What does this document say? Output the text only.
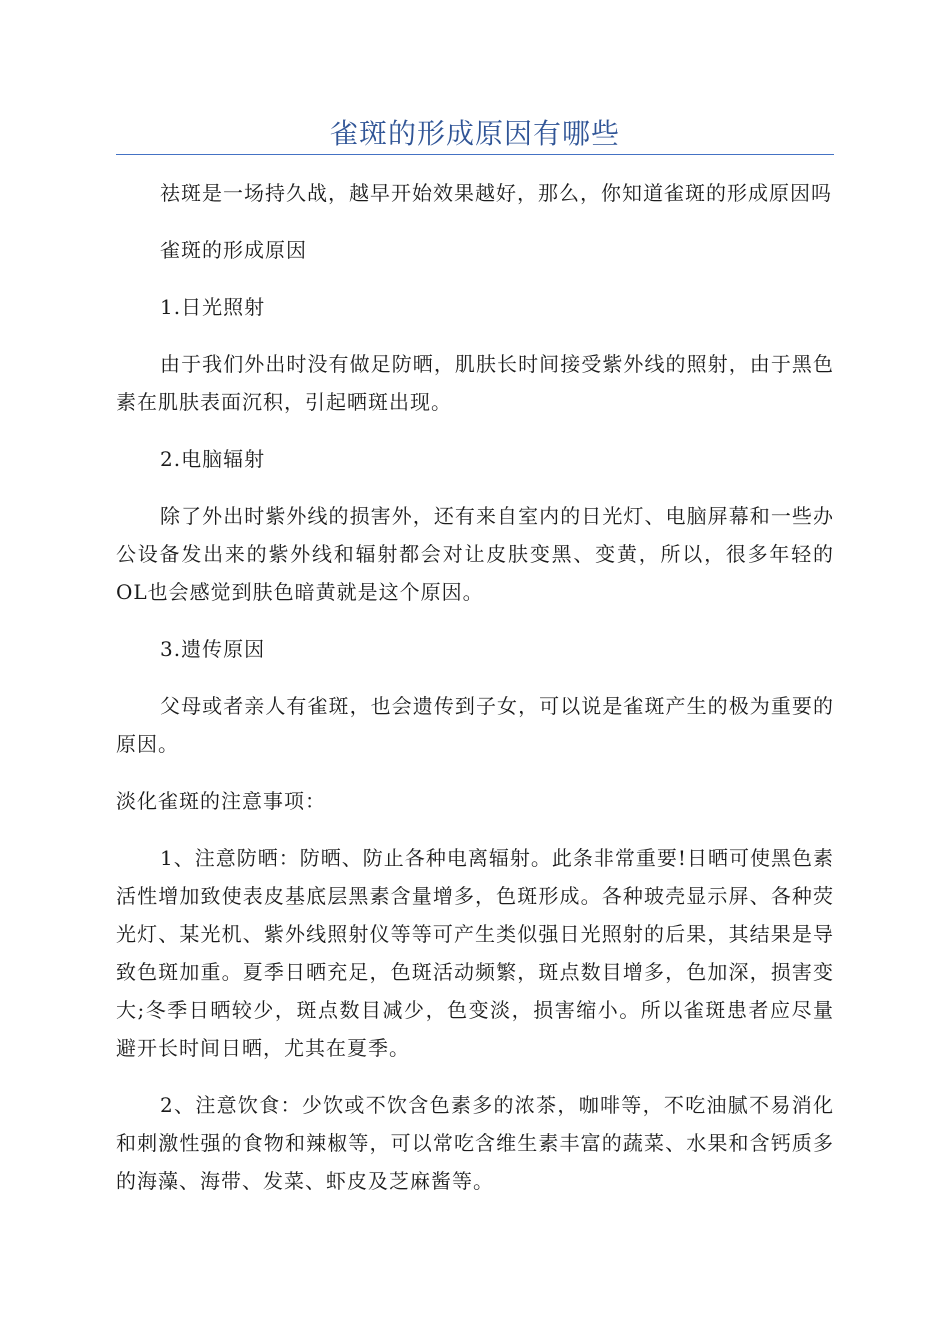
雀斑的形成原因有哪些

祛斑是一场持久战，越早开始效果越好，那么，你知道雀斑的形成原因吗

雀斑的形成原因

1.日光照射

由于我们外出时没有做足防晒，肌肤长时间接受紫外线的照射，由于黑色素在肌肤表面沉积，引起晒斑出现。

2.电脑辐射

除了外出时紫外线的损害外，还有来自室内的日光灯、电脑屏幕和一些办公设备发出来的紫外线和辐射都会对让皮肤变黑、变黄，所以，很多年轻的OL也会感觉到肤色暗黄就是这个原因。

3.遗传原因

父母或者亲人有雀斑，也会遗传到子女，可以说是雀斑产生的极为重要的原因。

淡化雀斑的注意事项：

1、注意防晒：防晒、防止各种电离辐射。此条非常重要!日晒可使黑色素活性增加致使表皮基底层黑素含量增多，色斑形成。各种玻壳显示屏、各种荧光灯、某光机、紫外线照射仪等等可产生类似强日光照射的后果，其结果是导致色斑加重。夏季日晒充足，色斑活动频繁，斑点数目增多，色加深，损害变大;冬季日晒较少，斑点数目减少，色变淡，损害缩小。所以雀斑患者应尽量避开长时间日晒，尤其在夏季。

2、注意饮食：少饮或不饮含色素多的浓茶，咖啡等，不吃油腻不易消化和刺激性强的食物和辣椒等，可以常吃含维生素丰富的蔬菜、水果和含钙质多的海藻、海带、发菜、虾皮及芝麻酱等。
